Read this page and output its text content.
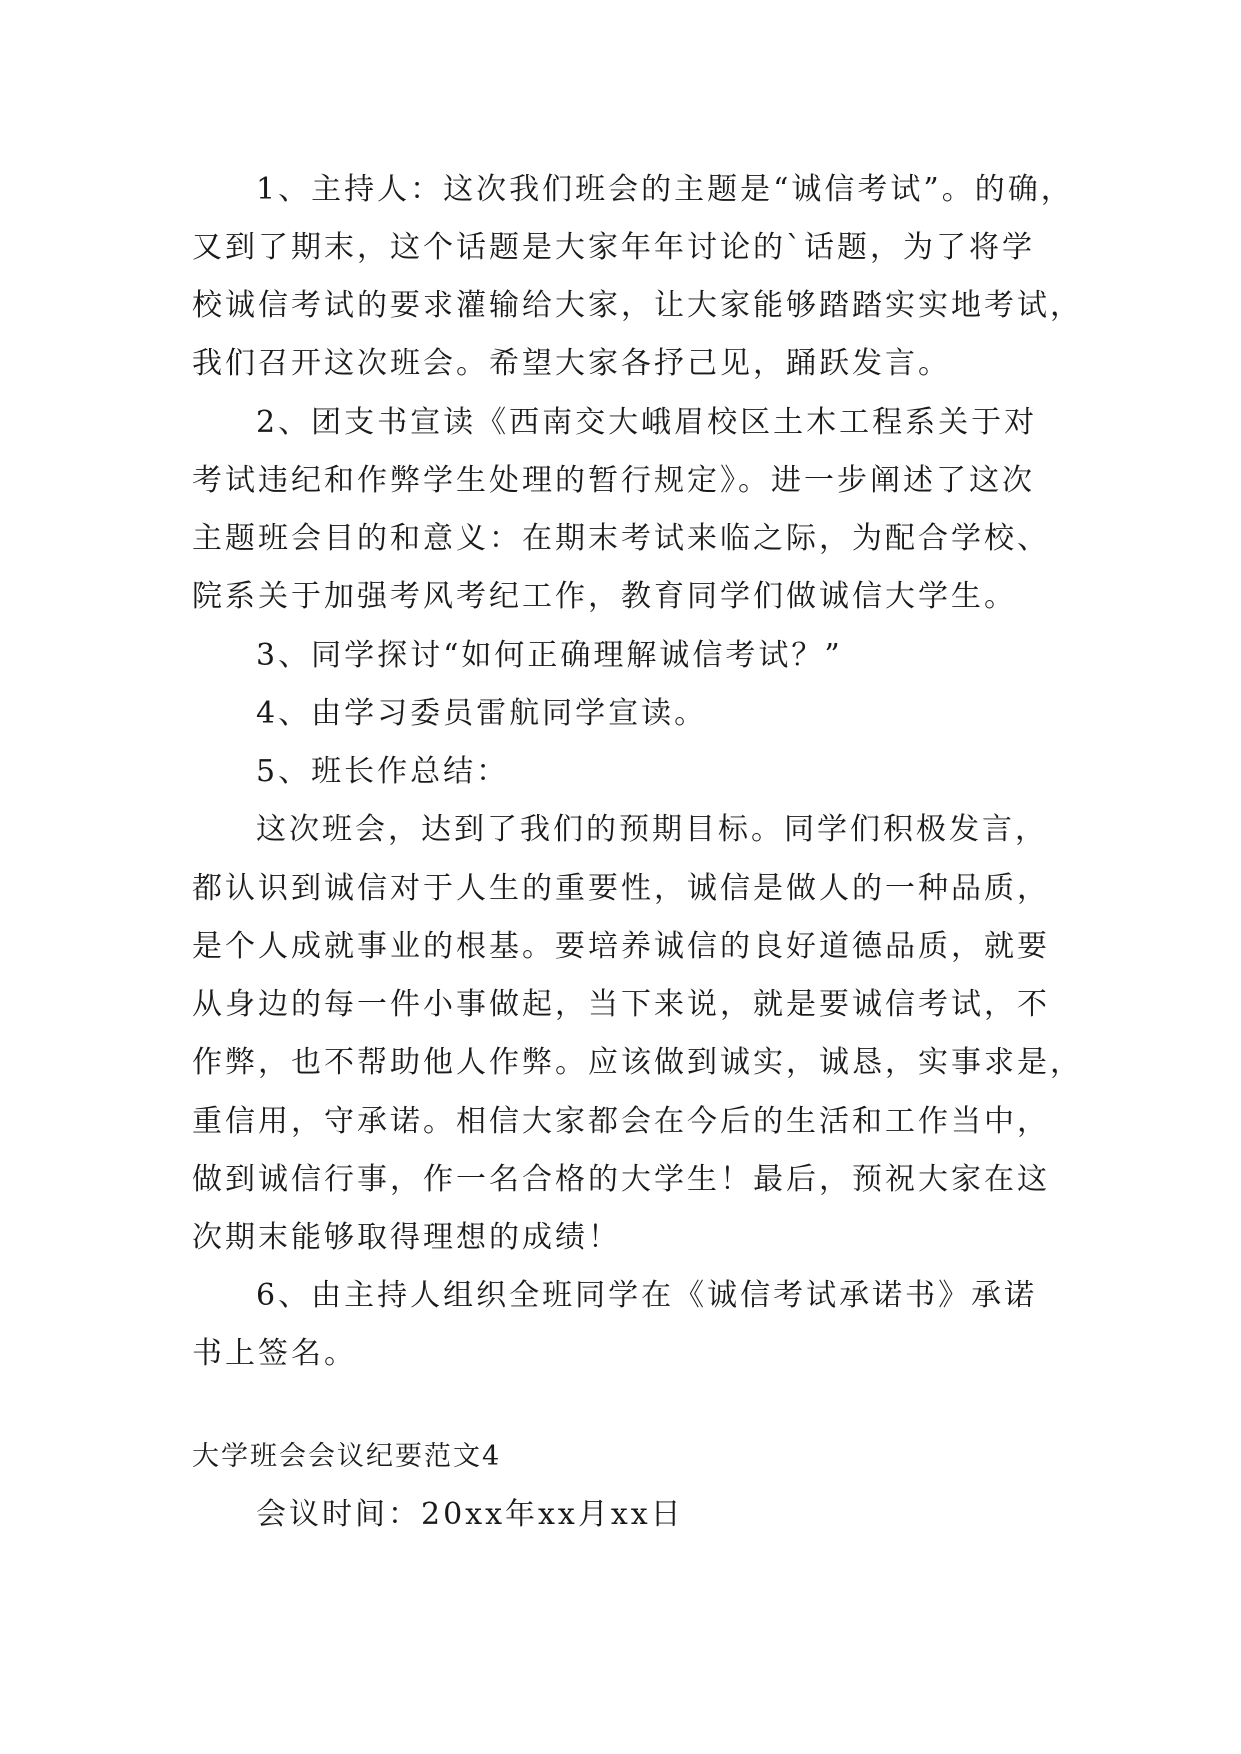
1、主持人：这次我们班会的主题是“诚信考试”。的确，
又到了期末，这个话题是大家年年讨论的`话题，为了将学
校诚信考试的要求灌输给大家，让大家能够踏踏实实地考试，
我们召开这次班会。希望大家各抒己见，踊跃发言。
2、团支书宣读《西南交大峨眉校区土木工程系关于对
考试违纪和作弊学生处理的暂行规定》。进一步阐述了这次
主题班会目的和意义：在期末考试来临之际，为配合学校、
院系关于加强考风考纪工作，教育同学们做诚信大学生。
3、同学探讨“如何正确理解诚信考试？”
4、由学习委员雷航同学宣读。
5、班长作总结：
这次班会，达到了我们的预期目标。同学们积极发言，
都认识到诚信对于人生的重要性，诚信是做人的一种品质，
是个人成就事业的根基。要培养诚信的良好道德品质，就要
从身边的每一件小事做起，当下来说，就是要诚信考试，不
作弊，也不帮助他人作弊。应该做到诚实，诚恳，实事求是，
重信用，守承诺。相信大家都会在今后的生活和工作当中，
做到诚信行事，作一名合格的大学生！最后，预祝大家在这
次期末能够取得理想的成绩！
6、由主持人组织全班同学在《诚信考试承诺书》承诺
书上签名。
大学班会会议纪要范文4
会议时间：20xx年xx月xx日
